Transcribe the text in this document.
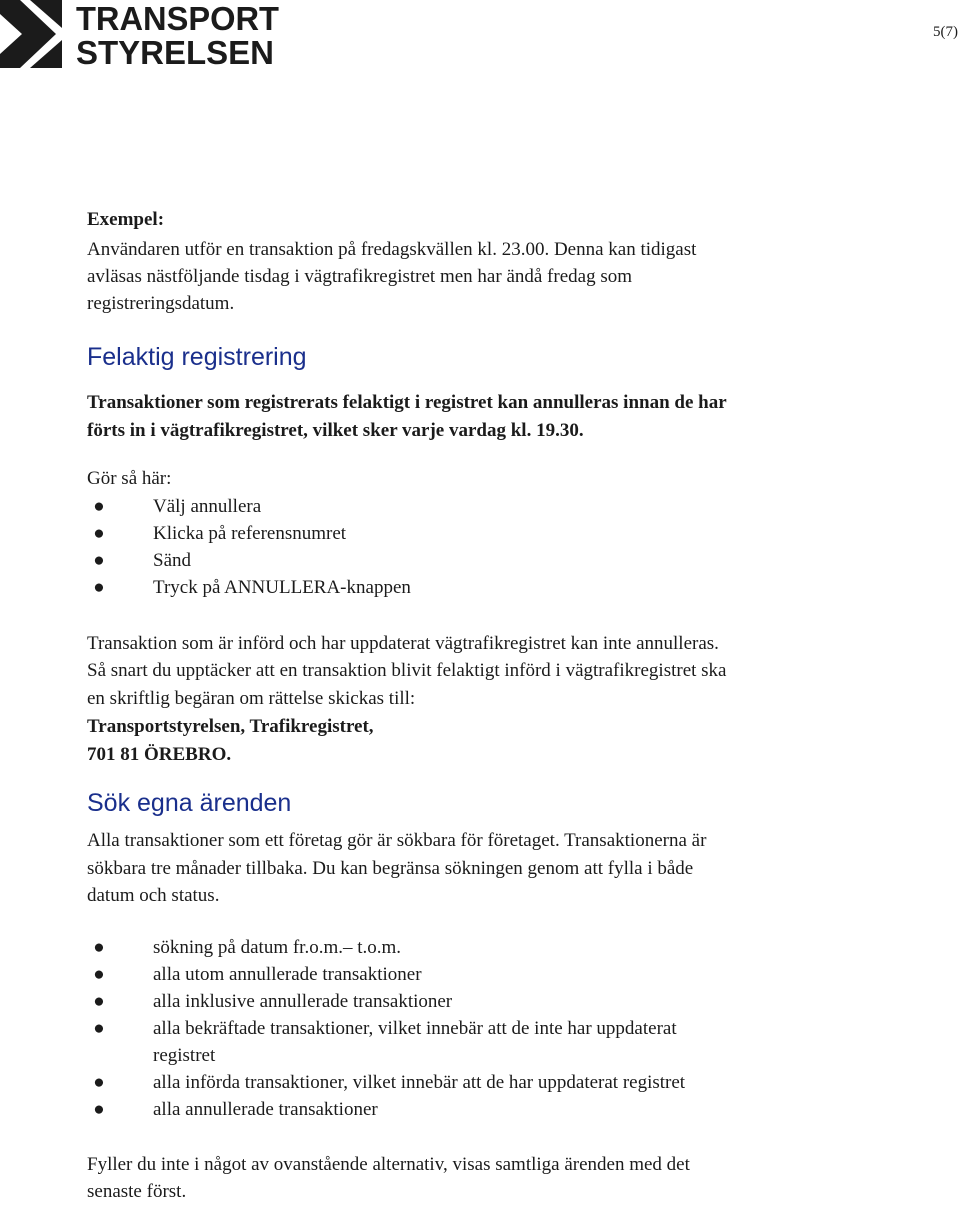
TRANSPORT
STYRELSEN
5(7)
Exempel:
Användaren utför en transaktion på fredagskvällen kl. 23.00. Denna kan tidigast
avläsas nästföljande tisdag i vägtrafikregistret men har ändå fredag som
registreringsdatum.
Felaktig registrering
Transaktioner som registrerats felaktigt i registret kan annulleras innan de har
förts in i vägtrafikregistret, vilket sker varje vardag kl. 19.30.
Gör så här:
●	Välj annullera
●	Klicka på referensnumret
●	Sänd
●	Tryck på ANNULLERA-knappen
Transaktion som är införd och har uppdaterat vägtrafikregistret kan inte annulleras.
Så snart du upptäcker att en transaktion blivit felaktigt införd i vägtrafikregistret ska
en skriftlig begäran om rättelse skickas till:
Transportstyrelsen, Trafikregistret,
701 81 ÖREBRO.
Sök egna ärenden
Alla transaktioner som ett företag gör är sökbara för företaget. Transaktionerna är
sökbara tre månader tillbaka. Du kan begränsa sökningen genom att fylla i både
datum och status.
●	sökning på datum fr.o.m.– t.o.m.
●	alla utom annullerade transaktioner
●	alla inklusive annullerade transaktioner
●	alla bekräftade transaktioner, vilket innebär att de inte har uppdaterat
registret
●	alla införda transaktioner, vilket innebär att de har uppdaterat registret
●	alla annullerade transaktioner
Fyller du inte i något av ovanstående alternativ, visas samtliga ärenden med det
senaste först.
